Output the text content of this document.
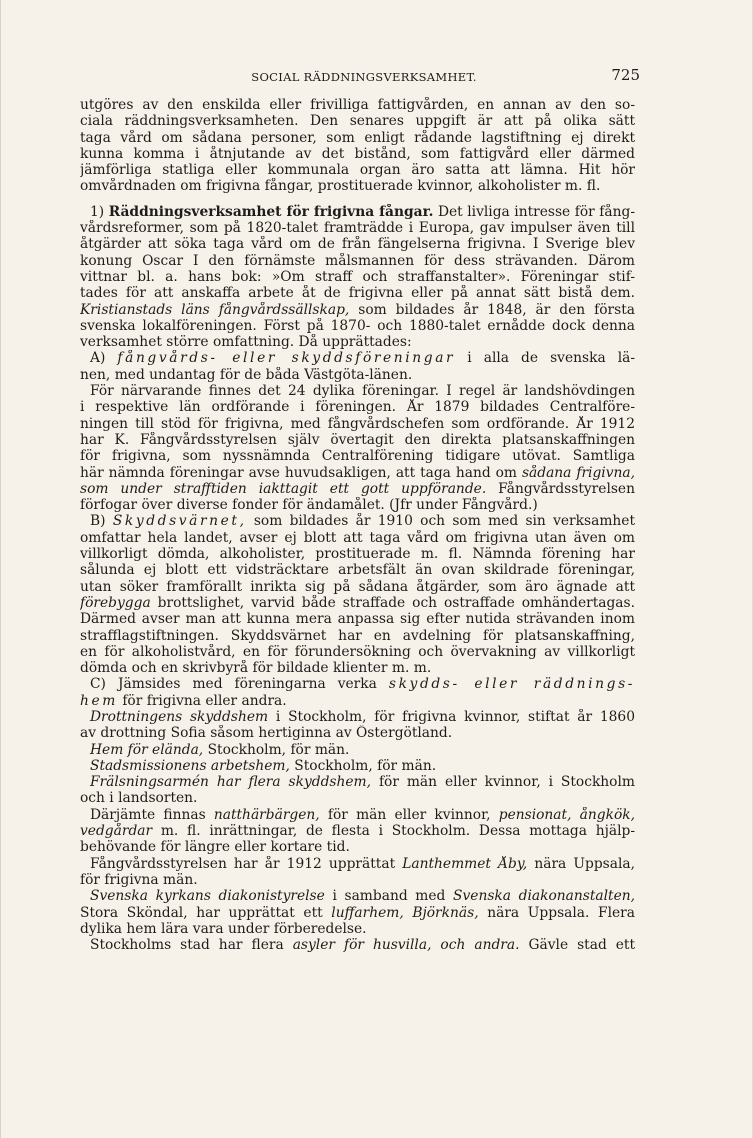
SOCIAL RÄDDNINGSVERKSAMHET.	725
utgöres av den enskilda eller frivilliga fattigvården, en annan av den so-
ciala räddningsverksamheten. Den senares uppgift är att på olika sätt
taga vård om sådana personer, som enligt rådande lagstiftning ej direkt
kunna komma i åtnjutande av det bistånd, som fattigvård eller därmed
jämförliga statliga eller kommunala organ äro satta att lämna. Hit hör
omvårdnaden om frigivna fångar, prostituerade kvinnor, alkoholister m. fl.
1) Räddningsverksamhet för frigivna fångar. Det livliga intresse för fång-
vårdsreformer, som på 1820-talet framträdde i Europa, gav impulser även till
åtgärder att söka taga vård om de från fängelserna frigivna. I Sverige blev
konung Oscar I den förnämste målsmannen för dess strävanden. Därom
vittnar bl. a. hans bok: »Om straff och straffanstalter». Föreningar stif-
tades för att anskaffa arbete åt de frigivna eller på annat sätt bistå dem.
Kristianstads läns fångvårdssällskap, som bildades år 1848, är den första
svenska lokalföreningen. Först på 1870- och 1880-talet ernådde dock denna
verksamhet större omfattning. Då upprättades:
A) fångvårds- eller skyddsföreningar i alla de svenska lä-
nen, med undantag för de båda Västgöta-länen.
För närvarande finnes det 24 dylika föreningar. I regel är landshövdingen
i respektive län ordförande i föreningen. År 1879 bildades Centralföre-
ningen till stöd för frigivna, med fångvårdschefen som ordförande. År 1912
har K. Fångvårdsstyrelsen själv övertagit den direkta platsanskaffningen
för frigivna, som nyssnämnda Centralförening tidigare utövat. Samtliga
här nämnda föreningar avse huvudsakligen, att taga hand om sådana frigivna,
som under strafftiden iakttagit ett gott uppförande. Fångvårdsstyrelsen
förfogar över diverse fonder för ändamålet. (Jfr under Fångvård.)
B) Skyddsvärnet, som bildades år 1910 och som med sin verksamhet
omfattar hela landet, avser ej blott att taga vård om frigivna utan även om
villkorligt dömda, alkoholister, prostituerade m. fl. Nämnda förening har
sålunda ej blott ett vidsträcktare arbetsfält än ovan skildrade föreningar,
utan söker framförallt inrikta sig på sådana åtgärder, som äro ägnade att
förebygga brottslighet, varvid både straffade och ostraffade omhändertagas.
Därmed avser man att kunna mera anpassa sig efter nutida strävanden inom
strafflagstiftningen. Skyddsvärnet har en avdelning för platsanskaffning,
en för alkoholistvård, en för förundersökning och övervakning av villkorligt
dömda och en skrivbyrå för bildade klienter m. m.
C) Jämsides med föreningarna verka skydds- eller räddnings-
hem för frigivna eller andra.
Drottningens skyddshem i Stockholm, för frigivna kvinnor, stiftat år 1860
av drottning Sofia såsom hertiginna av Östergötland.
Hem för elända, Stockholm, för män.
Stadsmissionens arbetshem, Stockholm, för män.
Frälsningsarmén har flera skyddshem, för män eller kvinnor, i Stockholm
och i landsorten.
Därjämte finnas natthärbärgen, för män eller kvinnor, pensionat, ångkök,
vedgårdar m. fl. inrättningar, de flesta i Stockholm. Dessa mottaga hjälp-
behövande för längre eller kortare tid.
Fångvårdsstyrelsen har år 1912 upprättat Lanthemmet Åby, nära Uppsala,
för frigivna män.
Svenska kyrkans diakonistyrelse i samband med Svenska diakonanstalten,
Stora Sköndal, har upprättat ett luffarhem, Björknäs, nära Uppsala. Flera
dylika hem lära vara under förberedelse.
Stockholms stad har flera asyler för husvilla, och andra. Gävle stad ett
